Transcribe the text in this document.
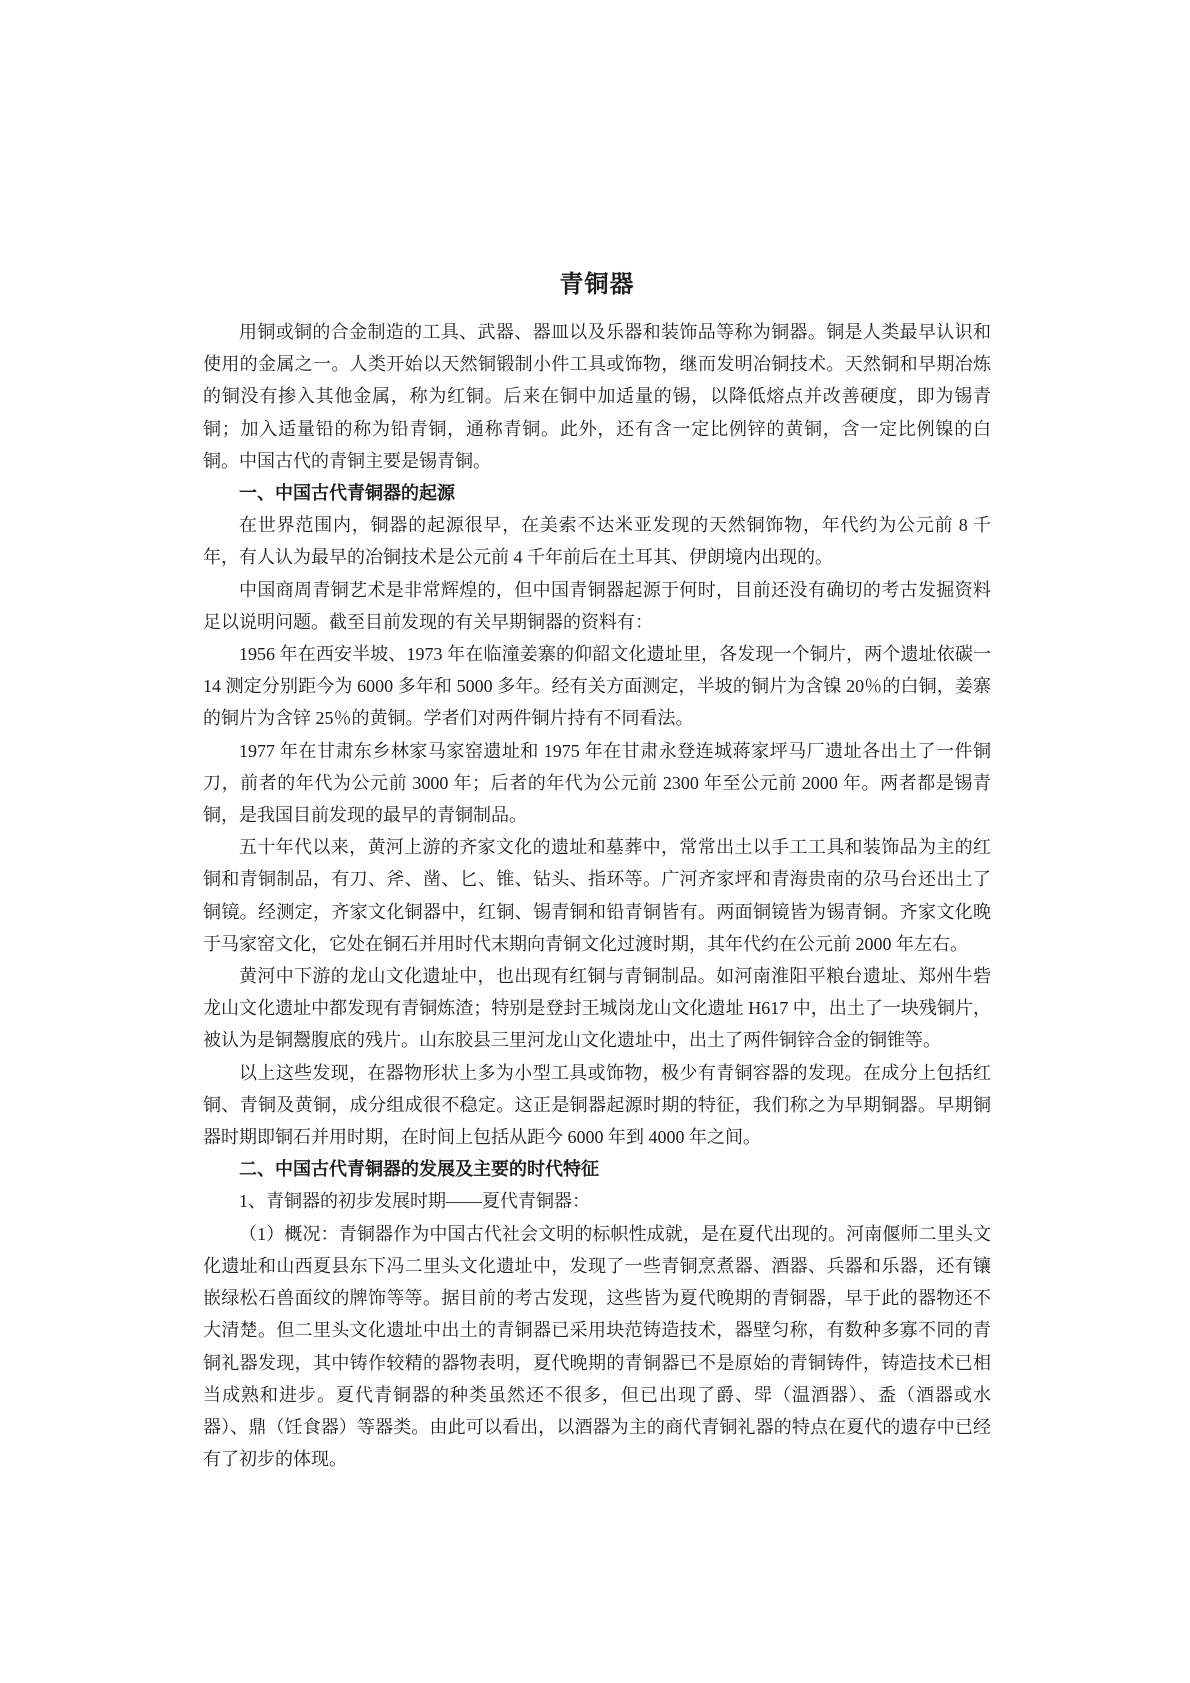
青铜器

用铜或铜的合金制造的工具、武器、器皿以及乐器和装饰品等称为铜器。铜是人类最早认识和使用的金属之一。人类开始以天然铜锻制小件工具或饰物，继而发明冶铜技术。天然铜和早期冶炼的铜没有掺入其他金属，称为红铜。后来在铜中加适量的锡，以降低熔点并改善硬度，即为锡青铜；加入适量铅的称为铅青铜，通称青铜。此外，还有含一定比例锌的黄铜，含一定比例镍的白铜。中国古代的青铜主要是锡青铜。

一、中国古代青铜器的起源

在世界范围内，铜器的起源很早，在美索不达米亚发现的天然铜饰物，年代约为公元前 8 千年，有人认为最早的冶铜技术是公元前 4 千年前后在土耳其、伊朗境内出现的。

中国商周青铜艺术是非常辉煌的，但中国青铜器起源于何时，目前还没有确切的考古发掘资料足以说明问题。截至目前发现的有关早期铜器的资料有：

1956 年在西安半坡、1973 年在临潼姜寨的仰韶文化遗址里，各发现一个铜片，两个遗址依碳一14 测定分别距今为 6000 多年和 5000 多年。经有关方面测定，半坡的铜片为含镍 20％的白铜，姜寨的铜片为含锌 25％的黄铜。学者们对两件铜片持有不同看法。

1977 年在甘肃东乡林家马家窑遗址和 1975 年在甘肃永登连城蒋家坪马厂遗址各出土了一件铜刀，前者的年代为公元前 3000 年；后者的年代为公元前 2300 年至公元前 2000 年。两者都是锡青铜，是我国目前发现的最早的青铜制品。

五十年代以来，黄河上游的齐家文化的遗址和墓葬中，常常出土以手工工具和装饰品为主的红铜和青铜制品，有刀、斧、凿、匕、锥、钻头、指环等。广河齐家坪和青海贵南的尕马台还出土了铜镜。经测定，齐家文化铜器中，红铜、锡青铜和铅青铜皆有。两面铜镜皆为锡青铜。齐家文化晚于马家窑文化，它处在铜石并用时代末期向青铜文化过渡时期，其年代约在公元前 2000 年左右。

黄河中下游的龙山文化遗址中，也出现有红铜与青铜制品。如河南淮阳平粮台遗址、郑州牛砦龙山文化遗址中都发现有青铜炼渣；特别是登封王城岗龙山文化遗址 H617 中，出土了一块残铜片，被认为是铜鬶腹底的残片。山东胶县三里河龙山文化遗址中，出土了两件铜锌合金的铜锥等。

以上这些发现，在器物形状上多为小型工具或饰物，极少有青铜容器的发现。在成分上包括红铜、青铜及黄铜，成分组成很不稳定。这正是铜器起源时期的特征，我们称之为早期铜器。早期铜器时期即铜石并用时期，在时间上包括从距今 6000 年到 4000 年之间。

二、中国古代青铜器的发展及主要的时代特征

1、青铜器的初步发展时期——夏代青铜器：

（1）概况：青铜器作为中国古代社会文明的标帜性成就，是在夏代出现的。河南偃师二里头文化遗址和山西夏县东下冯二里头文化遗址中，发现了一些青铜烹煮器、酒器、兵器和乐器，还有镶嵌绿松石兽面纹的牌饰等等。据目前的考古发现，这些皆为夏代晚期的青铜器，早于此的器物还不大清楚。但二里头文化遗址中出土的青铜器已采用块范铸造技术，器壁匀称，有数种多寡不同的青铜礼器发现，其中铸作较精的器物表明，夏代晚期的青铜器已不是原始的青铜铸件，铸造技术已相当成熟和进步。夏代青铜器的种类虽然还不很多，但已出现了爵、斝（温酒器）、盉（酒器或水器）、鼎（饪食器）等器类。由此可以看出，以酒器为主的商代青铜礼器的特点在夏代的遗存中已经有了初步的体现。
